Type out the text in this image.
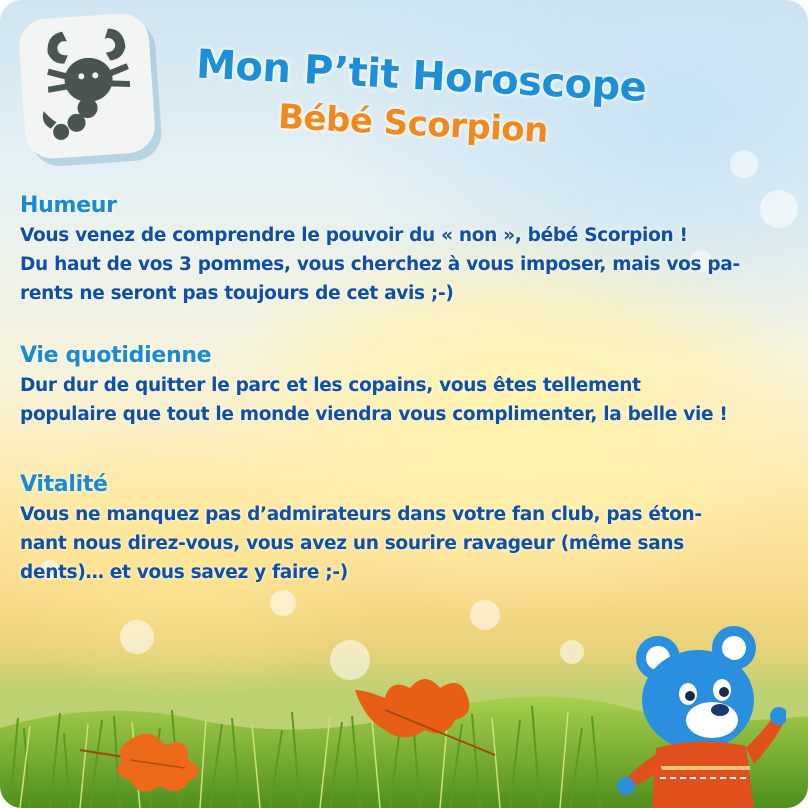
Mon P’tit Horoscope
Bébé Scorpion
Humeur

Vous venez de comprendre le pouvoir du « non », bébé Scorpion !
Du haut de vos 3 pommes, vous cherchez à vous imposer, mais vos pa-
rents ne seront pas toujours de cet avis ;-)

Vie quotidienne

Dur dur de quitter le parc et les copains, vous êtes tellement
populaire que tout le monde viendra vous complimenter, la belle vie !

Vitalité

Vous ne manquez pas d’admirateurs dans votre fan club, pas éton-
nant nous direz-vous, vous avez un sourire ravageur (même sans
dents)… et vous savez y faire ;-)
